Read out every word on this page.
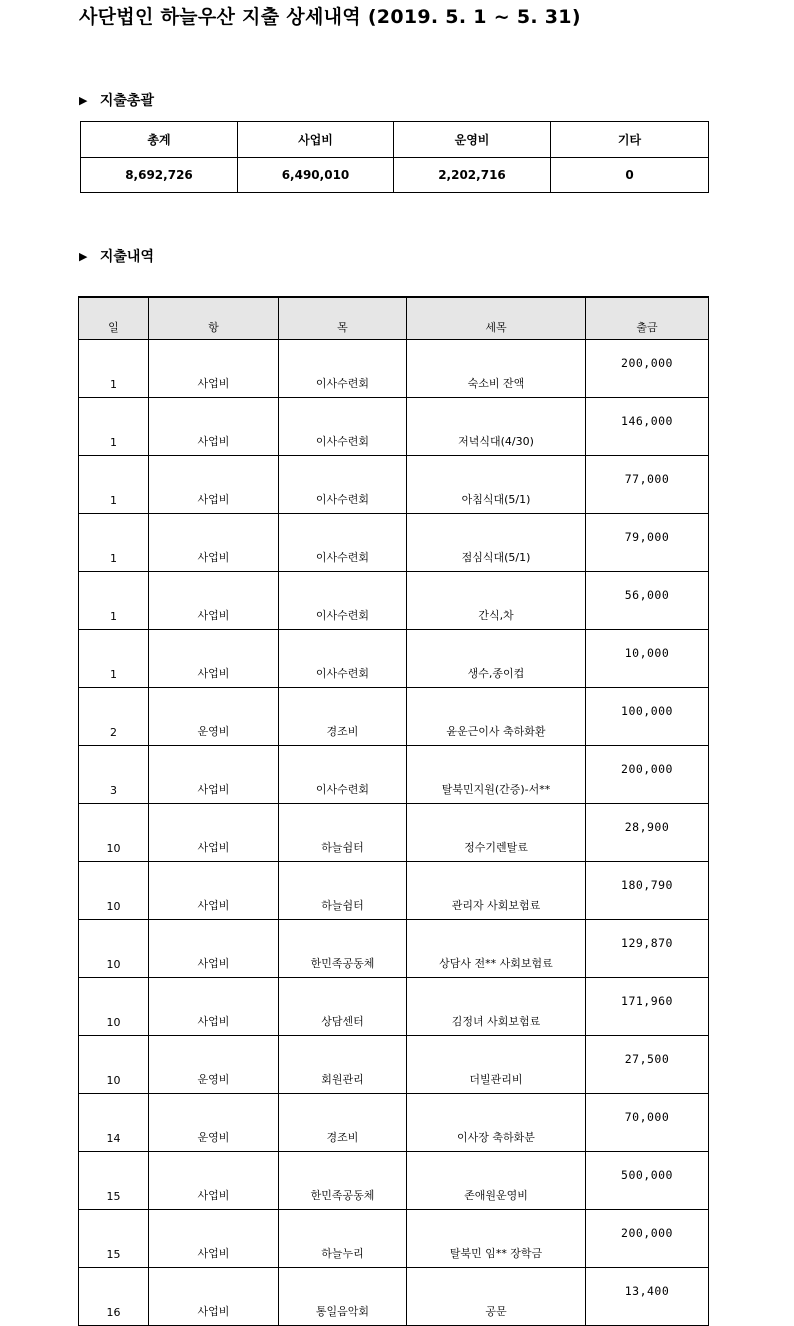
사단법인 하늘우산 지출 상세내역 (2019. 5. 1 ~ 5. 31)
▶ 지출총괄
총계	사업비	운영비	기타
8,692,726	6,490,010	2,202,716	0
▶ 지출내역
일	항	목	세목	출금
1	사업비	이사수련회	숙소비 잔액	200,000
1	사업비	이사수련회	저녁식대(4/30)	146,000
1	사업비	이사수련회	아침식대(5/1)	77,000
1	사업비	이사수련회	점심식대(5/1)	79,000
1	사업비	이사수련회	간식,차	56,000
1	사업비	이사수련회	생수,종이컵	10,000
2	운영비	경조비	윤운근이사 축하화환	100,000
3	사업비	이사수련회	탈북민지원(간증)-서**	200,000
10	사업비	하늘쉼터	정수기렌탈료	28,900
10	사업비	하늘쉼터	관리자 사회보험료	180,790
10	사업비	한민족공동체	상담사 전** 사회보험료	129,870
10	사업비	상담센터	김정녀 사회보험료	171,960
10	운영비	회원관리	더빌관리비	27,500
14	운영비	경조비	이사장 축하화분	70,000
15	사업비	한민족공동체	존애원운영비	500,000
15	사업비	하늘누리	탈북민 임** 장학금	200,000
16	사업비	통일음악회	공문	13,400
